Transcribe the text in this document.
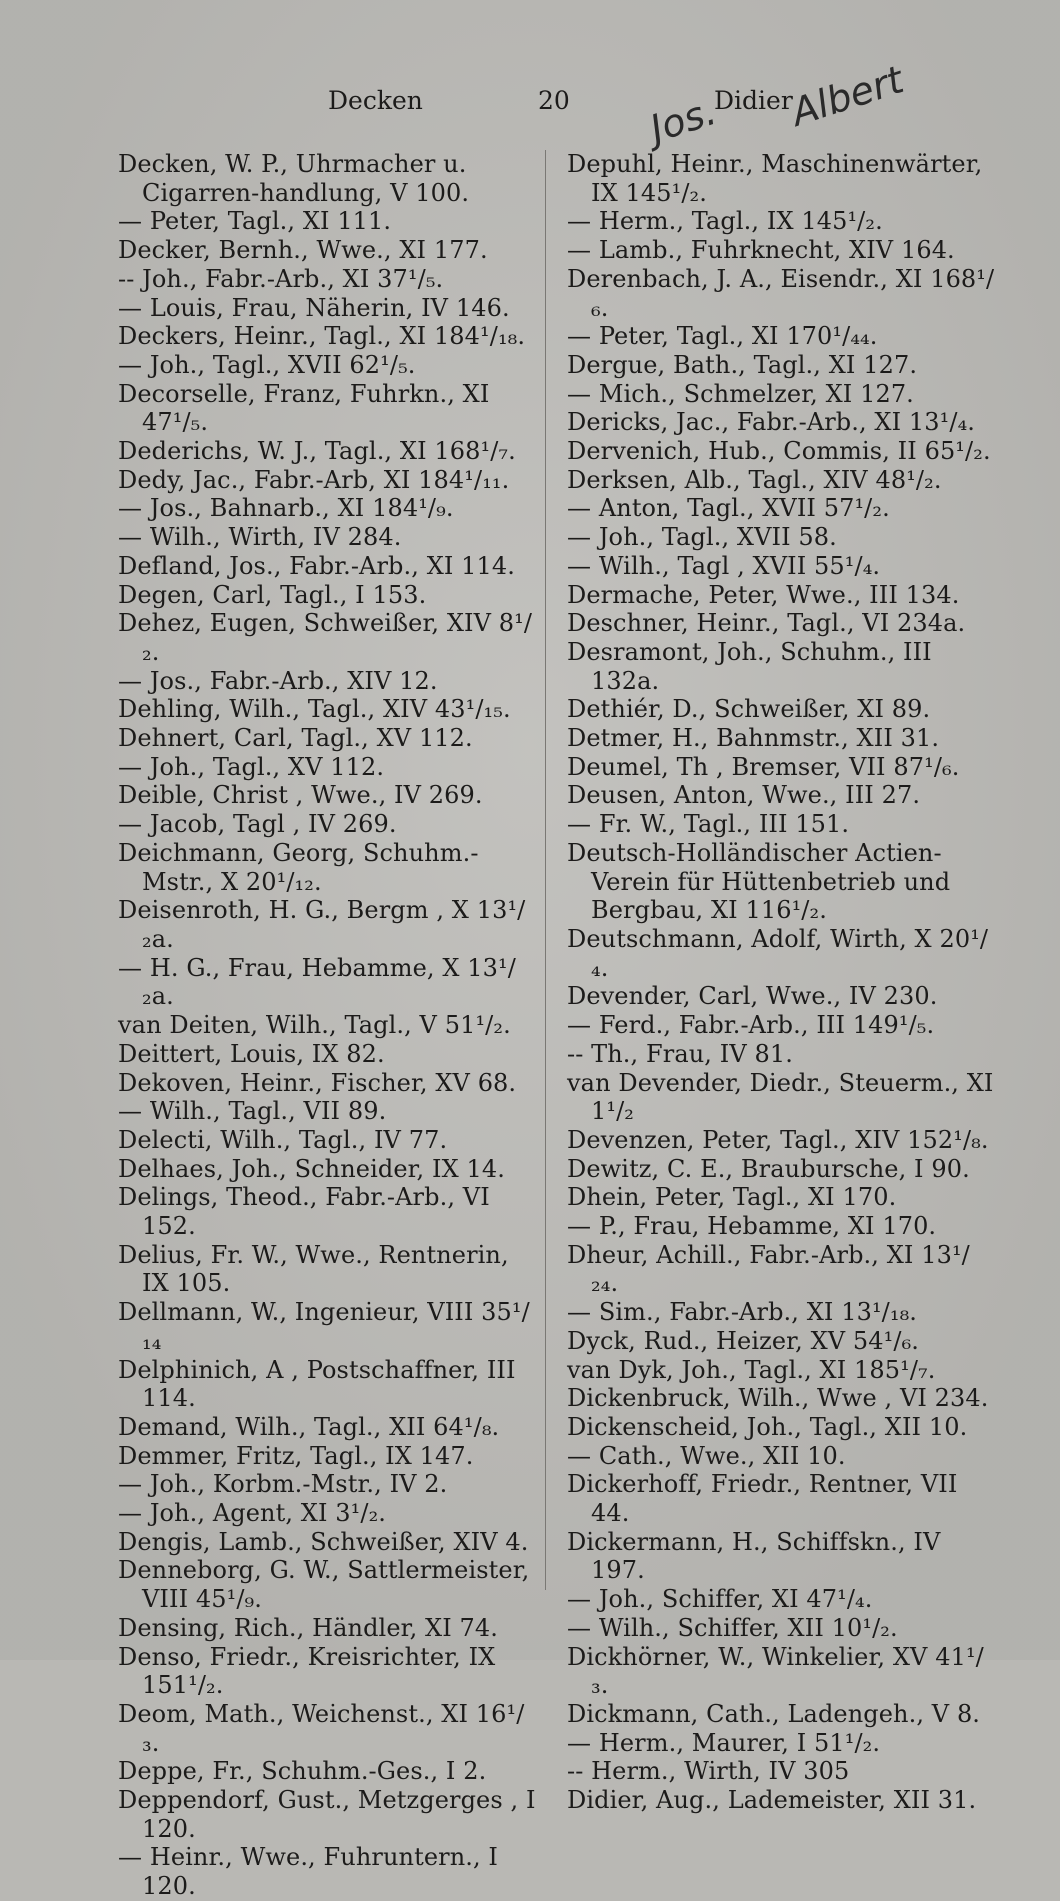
Decken	20	Didier
Jos. Albert
Decken, W. P., Uhrmacher u. Cigarren-handlung, V 100.
— Peter, Tagl., XI 111.
Decker, Bernh., Wwe., XI 177.
-- Joh., Fabr.-Arb., XI 37¹/₅.
— Louis, Frau, Näherin, IV 146.
Deckers, Heinr., Tagl., XI 184¹/₁₈.
— Joh., Tagl., XVII 62¹/₅.
Decorselle, Franz, Fuhrkn., XI 47¹/₅.
Dederichs, W. J., Tagl., XI 168¹/₇.
Dedy, Jac., Fabr.-Arb, XI 184¹/₁₁.
— Jos., Bahnarb., XI 184¹/₉.
— Wilh., Wirth, IV 284.
Defland, Jos., Fabr.-Arb., XI 114.
Degen, Carl, Tagl., I 153.
Dehez, Eugen, Schweißer, XIV 8¹/₂.
— Jos., Fabr.-Arb., XIV 12.
Dehling, Wilh., Tagl., XIV 43¹/₁₅.
Dehnert, Carl, Tagl., XV 112.
— Joh., Tagl., XV 112.
Deible, Christ , Wwe., IV 269.
— Jacob, Tagl , IV 269.
Deichmann, Georg, Schuhm.-Mstr., X 20¹/₁₂.
Deisenroth, H. G., Bergm , X 13¹/₂a.
— H. G., Frau, Hebamme, X 13¹/₂a.
van Deiten, Wilh., Tagl., V 51¹/₂.
Deittert, Louis, IX 82.
Dekoven, Heinr., Fischer, XV 68.
— Wilh., Tagl., VII 89.
Delecti, Wilh., Tagl., IV 77.
Delhaes, Joh., Schneider, IX 14.
Delings, Theod., Fabr.-Arb., VI 152.
Delius, Fr. W., Wwe., Rentnerin, IX 105.
Dellmann, W., Ingenieur, VIII 35¹/₁₄
Delphinich, A , Postschaffner, III 114.
Demand, Wilh., Tagl., XII 64¹/₈.
Demmer, Fritz, Tagl., IX 147.
— Joh., Korbm.-Mstr., IV 2.
— Joh., Agent, XI 3¹/₂.
Dengis, Lamb., Schweißer, XIV 4.
Denneborg, G. W., Sattlermeister, VIII 45¹/₉.
Densing, Rich., Händler, XI 74.
Denso, Friedr., Kreisrichter, IX 151¹/₂.
Deom, Math., Weichenst., XI 16¹/₃.
Deppe, Fr., Schuhm.-Ges., I 2.
Deppendorf, Gust., Metzgerges , I 120.
— Heinr., Wwe., Fuhruntern., I 120.
Depuhl, Heinr., Maschinenwärter, IX 145¹/₂.
— Herm., Tagl., IX 145¹/₂.
— Lamb., Fuhrknecht, XIV 164.
Derenbach, J. A., Eisendr., XI 168¹/₆.
— Peter, Tagl., XI 170¹/₄₄.
Dergue, Bath., Tagl., XI 127.
— Mich., Schmelzer, XI 127.
Dericks, Jac., Fabr.-Arb., XI 13¹/₄.
Dervenich, Hub., Commis, II 65¹/₂.
Derksen, Alb., Tagl., XIV 48¹/₂.
— Anton, Tagl., XVII 57¹/₂.
— Joh., Tagl., XVII 58.
— Wilh., Tagl , XVII 55¹/₄.
Dermache, Peter, Wwe., III 134.
Deschner, Heinr., Tagl., VI 234a.
Desramont, Joh., Schuhm., III 132a.
Dethiér, D., Schweißer, XI 89.
Detmer, H., Bahnmstr., XII 31.
Deumel, Th , Bremser, VII 87¹/₆.
Deusen, Anton, Wwe., III 27.
— Fr. W., Tagl., III 151.
Deutsch-Holländischer Actien-Verein für Hüttenbetrieb und Bergbau, XI 116¹/₂.
Deutschmann, Adolf, Wirth, X 20¹/₄.
Devender, Carl, Wwe., IV 230.
— Ferd., Fabr.-Arb., III 149¹/₅.
-- Th., Frau, IV 81.
van Devender, Diedr., Steuerm., XI 1¹/₂
Devenzen, Peter, Tagl., XIV 152¹/₈.
Dewitz, C. E., Braubursche, I 90.
Dhein, Peter, Tagl., XI 170.
— P., Frau, Hebamme, XI 170.
Dheur, Achill., Fabr.-Arb., XI 13¹/₂₄.
— Sim., Fabr.-Arb., XI 13¹/₁₈.
Dyck, Rud., Heizer, XV 54¹/₆.
van Dyk, Joh., Tagl., XI 185¹/₇.
Dickenbruck, Wilh., Wwe , VI 234.
Dickenscheid, Joh., Tagl., XII 10.
— Cath., Wwe., XII 10.
Dickerhoff, Friedr., Rentner, VII 44.
Dickermann, H., Schiffskn., IV 197.
— Joh., Schiffer, XI 47¹/₄.
— Wilh., Schiffer, XII 10¹/₂.
Dickhörner, W., Winkelier, XV 41¹/₃.
Dickmann, Cath., Ladengeh., V 8.
— Herm., Maurer, I 51¹/₂.
-- Herm., Wirth, IV 305
Didier, Aug., Lademeister, XII 31.
